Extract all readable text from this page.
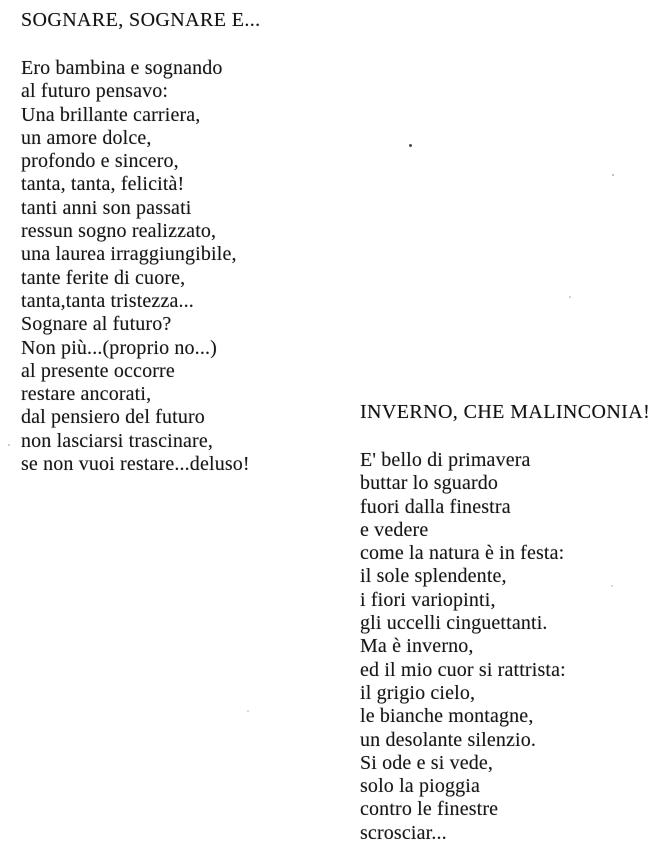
SOGNARE, SOGNARE E...
Ero bambina e sognando
al futuro pensavo:
Una brillante carriera,
un amore dolce,
profondo e sincero,
tanta, tanta, felicità!
tanti anni son passati
ressun sogno realizzato,
una laurea irraggiungibile,
tante ferite di cuore,
tanta,tanta tristezza...
Sognare al futuro?
Non più...(proprio no...)
al presente occorre
restare ancorati,
dal pensiero del futuro
non lasciarsi trascinare,
se non vuoi restare...deluso!
INVERNO, CHE MALINCONIA!
E' bello di primavera
buttar lo sguardo
fuori dalla finestra
e vedere
come la natura è in festa:
il sole splendente,
i fiori variopinti,
gli uccelli cinguettanti.
Ma è inverno,
ed il mio cuor si rattrista:
il grigio cielo,
le bianche montagne,
un desolante silenzio.
Si ode e si vede,
solo la pioggia
contro le finestre
scrosciar...
